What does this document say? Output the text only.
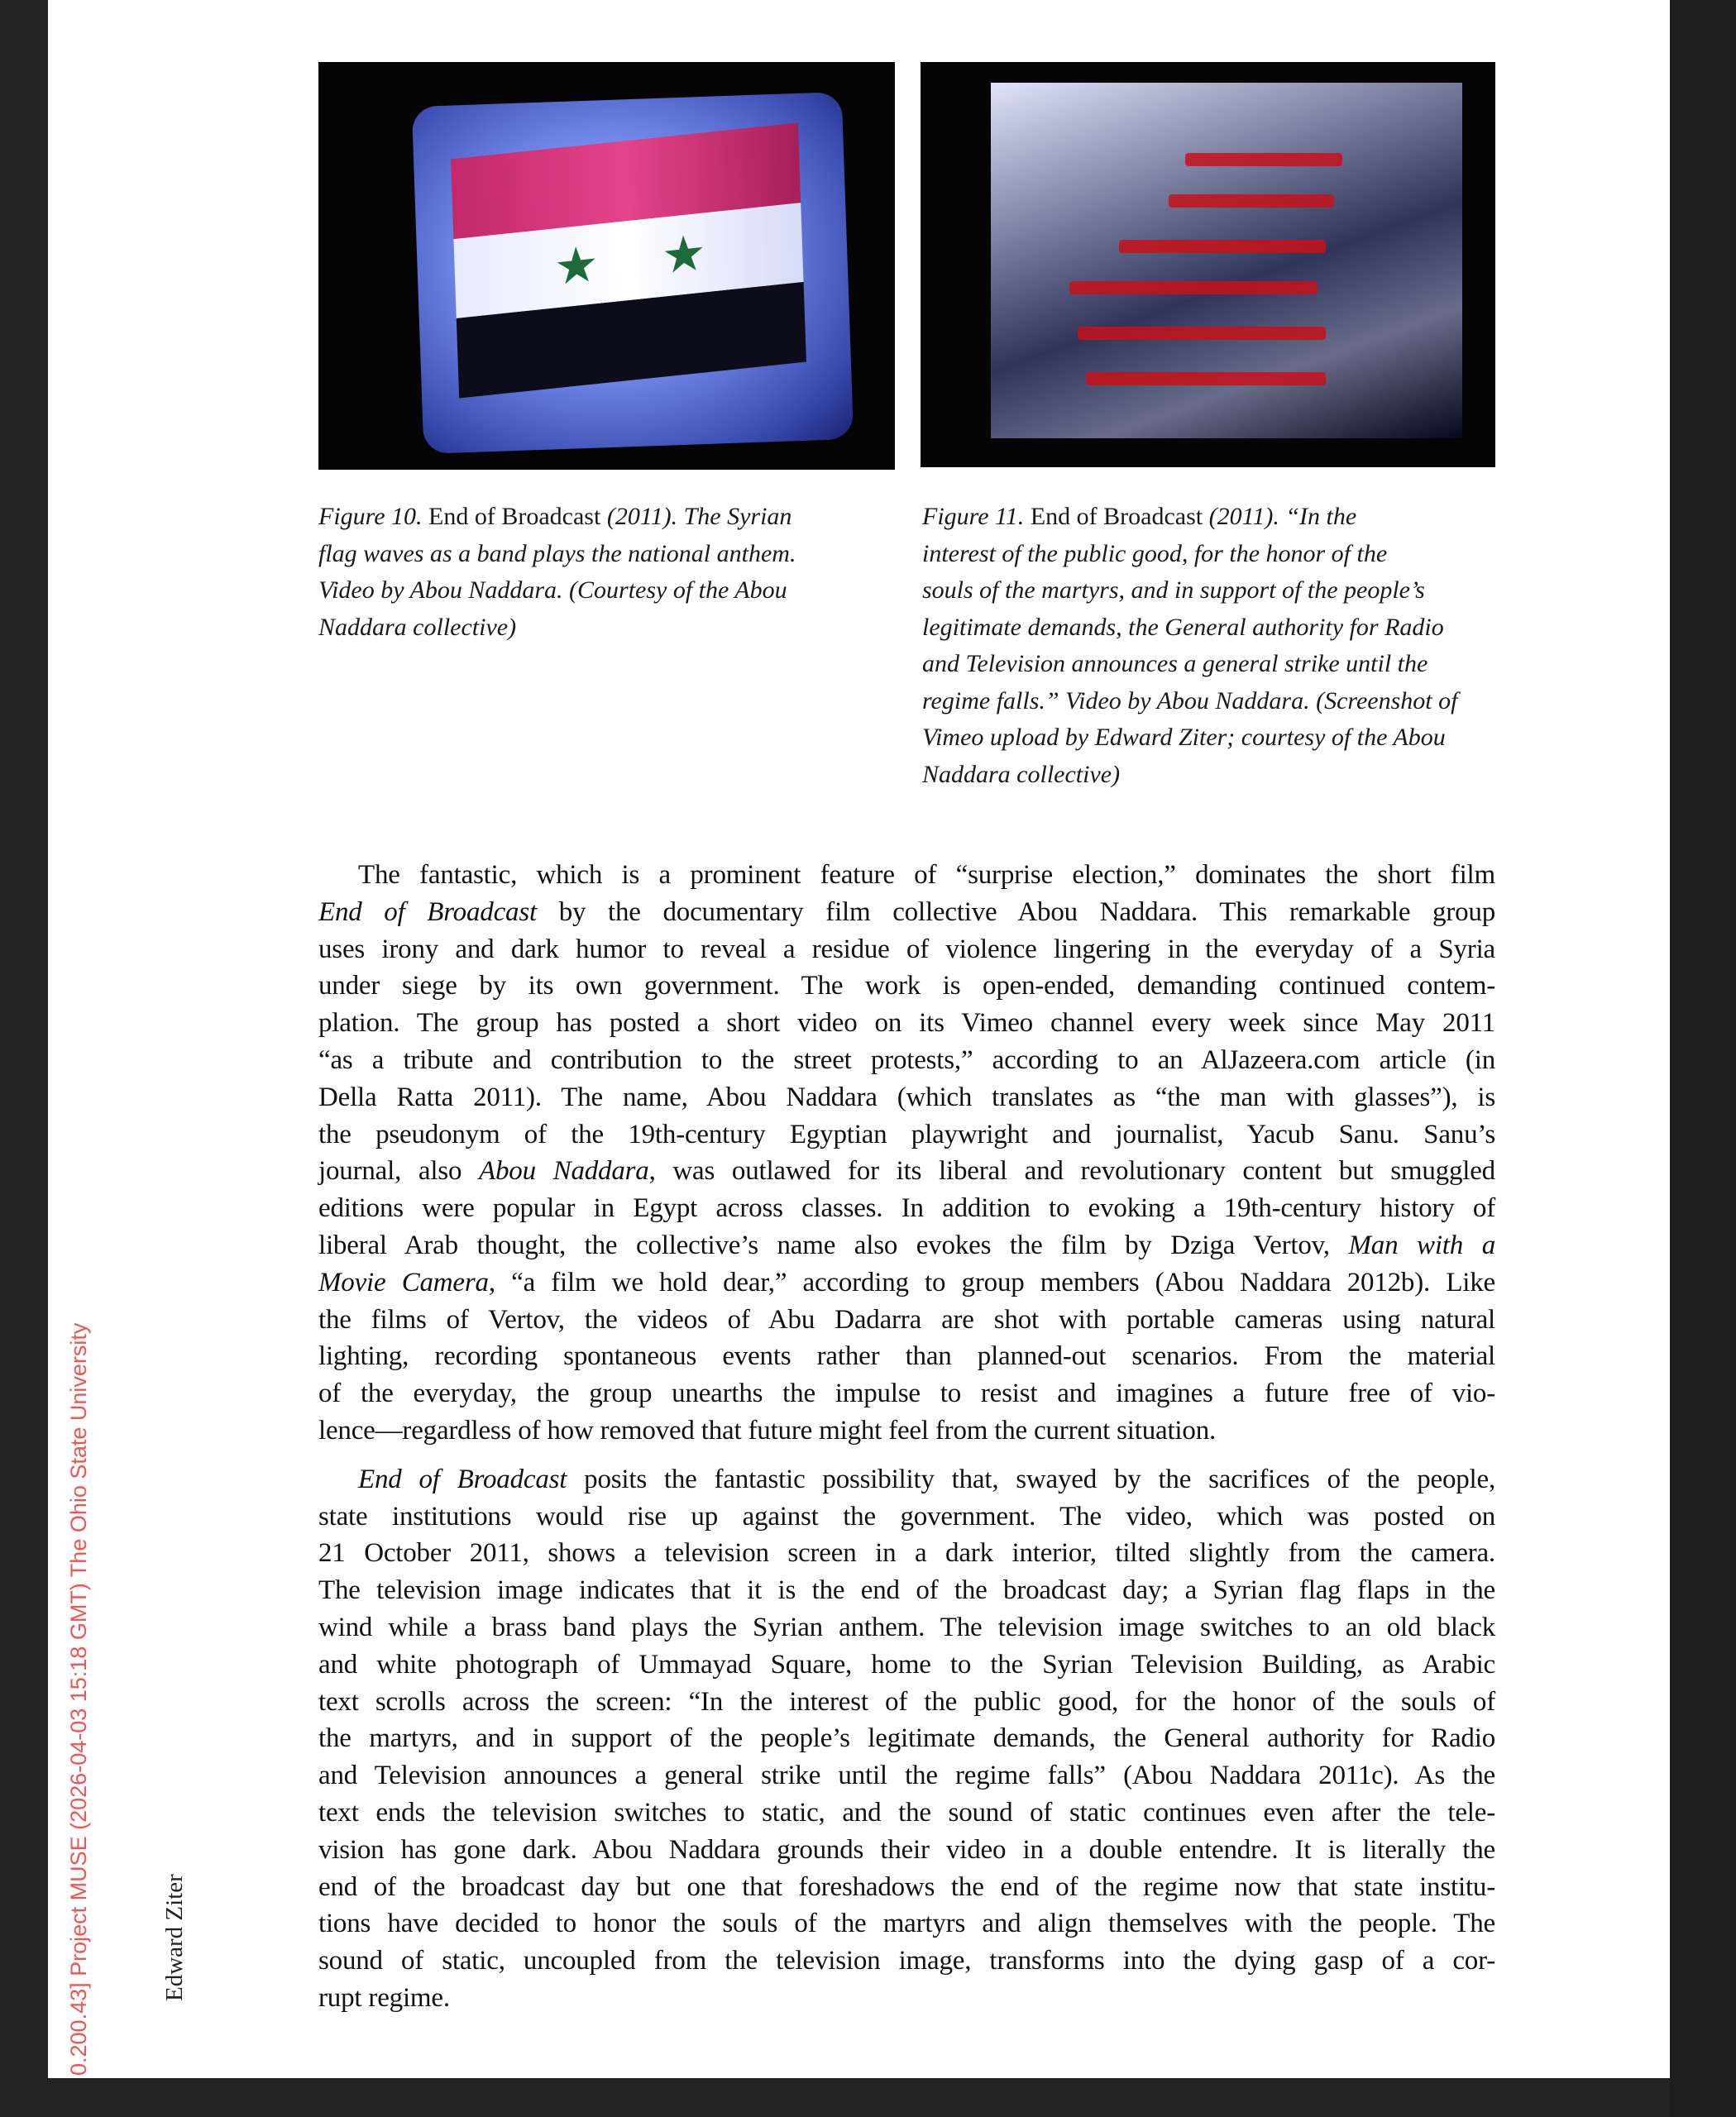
★ ★
Figure 10. End of Broadcast (2011). The Syrian
flag waves as a band plays the national anthem.
Video by Abou Naddara. (Courtesy of the Abou
Naddara collective)
Figure 11. End of Broadcast (2011). “In the
interest of the public good, for the honor of the
souls of the martyrs, and in support of the people’s
legitimate demands, the General authority for Radio
and Television announces a general strike until the
regime falls.” Video by Abou Naddara. (Screenshot of
Vimeo upload by Edward Ziter; courtesy of the Abou
Naddara collective)
The fantastic, which is a prominent feature of “surprise election,” dominates the short film
End of Broadcast by the documentary film collective Abou Naddara. This remarkable group
uses irony and dark humor to reveal a residue of violence lingering in the everyday of a Syria
under siege by its own government. The work is open-ended, demanding continued contem-
plation. The group has posted a short video on its Vimeo channel every week since May 2011
“as a tribute and contribution to the street protests,” according to an AlJazeera.com article (in
Della Ratta 2011). The name, Abou Naddara (which translates as “the man with glasses”), is
the pseudonym of the 19th-century Egyptian playwright and journalist, Yacub Sanu. Sanu’s
journal, also Abou Naddara, was outlawed for its liberal and revolutionary content but smuggled
editions were popular in Egypt across classes. In addition to evoking a 19th-century history of
liberal Arab thought, the collective’s name also evokes the film by Dziga Vertov, Man with a
Movie Camera, “a film we hold dear,” according to group members (Abou Naddara 2012b). Like
the films of Vertov, the videos of Abu Dadarra are shot with portable cameras using natural
lighting, recording spontaneous events rather than planned-out scenarios. From the material
of the everyday, the group unearths the impulse to resist and imagines a future free of vio-
lence—regardless of how removed that future might feel from the current situation.
End of Broadcast posits the fantastic possibility that, swayed by the sacrifices of the people,
state institutions would rise up against the government. The video, which was posted on
21 October 2011, shows a television screen in a dark interior, tilted slightly from the camera.
The television image indicates that it is the end of the broadcast day; a Syrian flag flaps in the
wind while a brass band plays the Syrian anthem. The television image switches to an old black
and white photograph of Ummayad Square, home to the Syrian Television Building, as Arabic
text scrolls across the screen: “In the interest of the public good, for the honor of the souls of
the martyrs, and in support of the people’s legitimate demands, the General authority for Radio
and Television announces a general strike until the regime falls” (Abou Naddara 2011c). As the
text ends the television switches to static, and the sound of static continues even after the tele-
vision has gone dark. Abou Naddara grounds their video in a double entendre. It is literally the
end of the broadcast day but one that foreshadows the end of the regime now that state institu-
tions have decided to honor the souls of the martyrs and align themselves with the people. The
sound of static, uncoupled from the television image, transforms into the dying gasp of a cor-
rupt regime.
0.200.43] Project MUSE (2026-04-03 15:18 GMT) The Ohio State University	Edward Ziter
